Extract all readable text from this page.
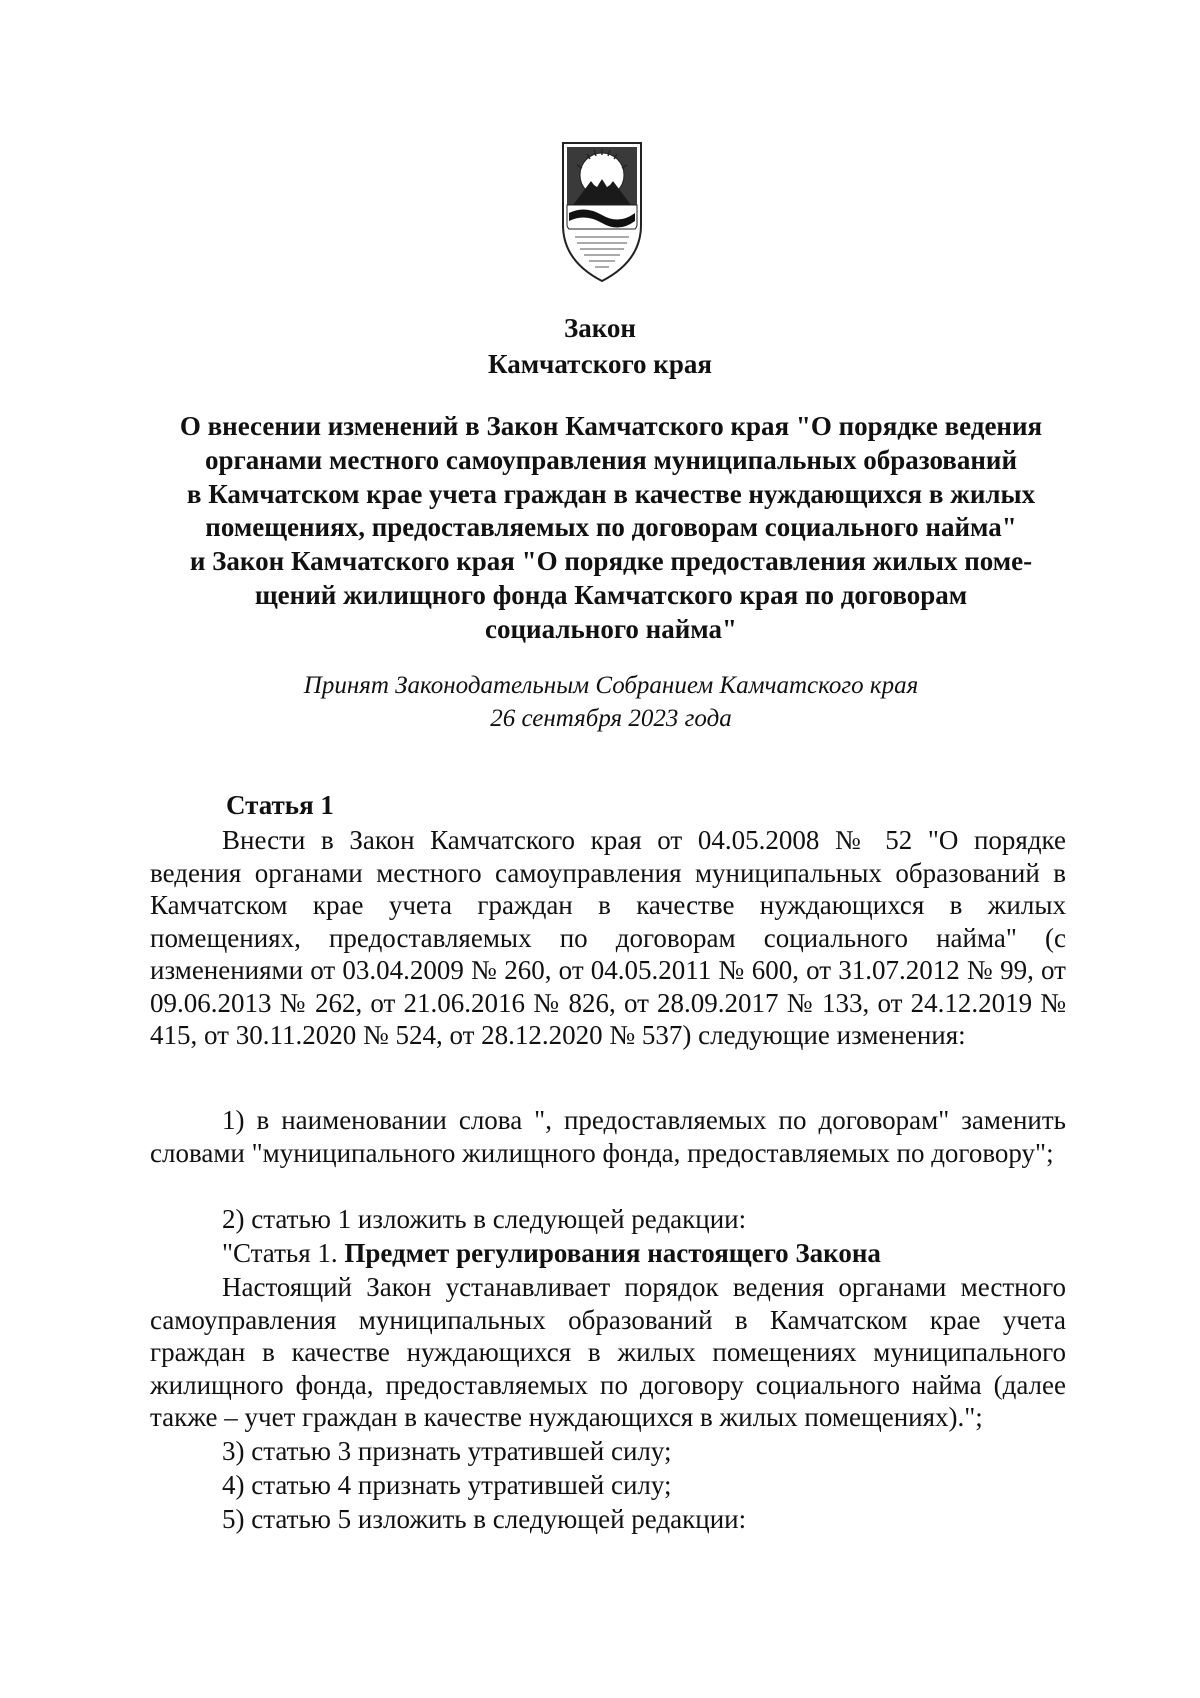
Закон
Камчатского края
О внесении изменений в Закон Камчатского края "О порядке ведения
органами местного самоуправления муниципальных образований
в Камчатском крае учета граждан в качестве нуждающихся в жилых
помещениях, предоставляемых по договорам социального найма"
и Закон Камчатского края "О порядке предоставления жилых поме-
щений жилищного фонда Камчатского края по договорам
социального найма"
Принят Законодательным Собранием Камчатского края
26 сентября 2023 года
Статья 1

Внести в Закон Камчатского края от 04.05.2008 № 52 "О порядке ведения органами местного самоуправления муниципальных образований в Камчатском крае учета граждан в качестве нуждающихся в жилых помещениях, предоставляемых по договорам социального найма" (с изменениями от 03.04.2009 № 260, от 04.05.2011 № 600, от 31.07.2012 № 99, от 09.06.2013 № 262, от 21.06.2016 № 826, от 28.09.2017 № 133, от 24.12.2019 № 415, от 30.11.2020 № 524, от 28.12.2020 № 537) следующие изменения:

1) в наименовании слова ", предоставляемых по договорам" заменить словами "муниципального жилищного фонда, предоставляемых по договору";

2) статью 1 изложить в следующей редакции:

"Статья 1. Предмет регулирования настоящего Закона

Настоящий Закон устанавливает порядок ведения органами местного самоуправления муниципальных образований в Камчатском крае учета граждан в качестве нуждающихся в жилых помещениях муниципального жилищного фонда, предоставляемых по договору социального найма (далее также – учет граждан в качестве нуждающихся в жилых помещениях).";

3) статью 3 признать утратившей силу;

4) статью 4 признать утратившей силу;

5) статью 5 изложить в следующей редакции:
